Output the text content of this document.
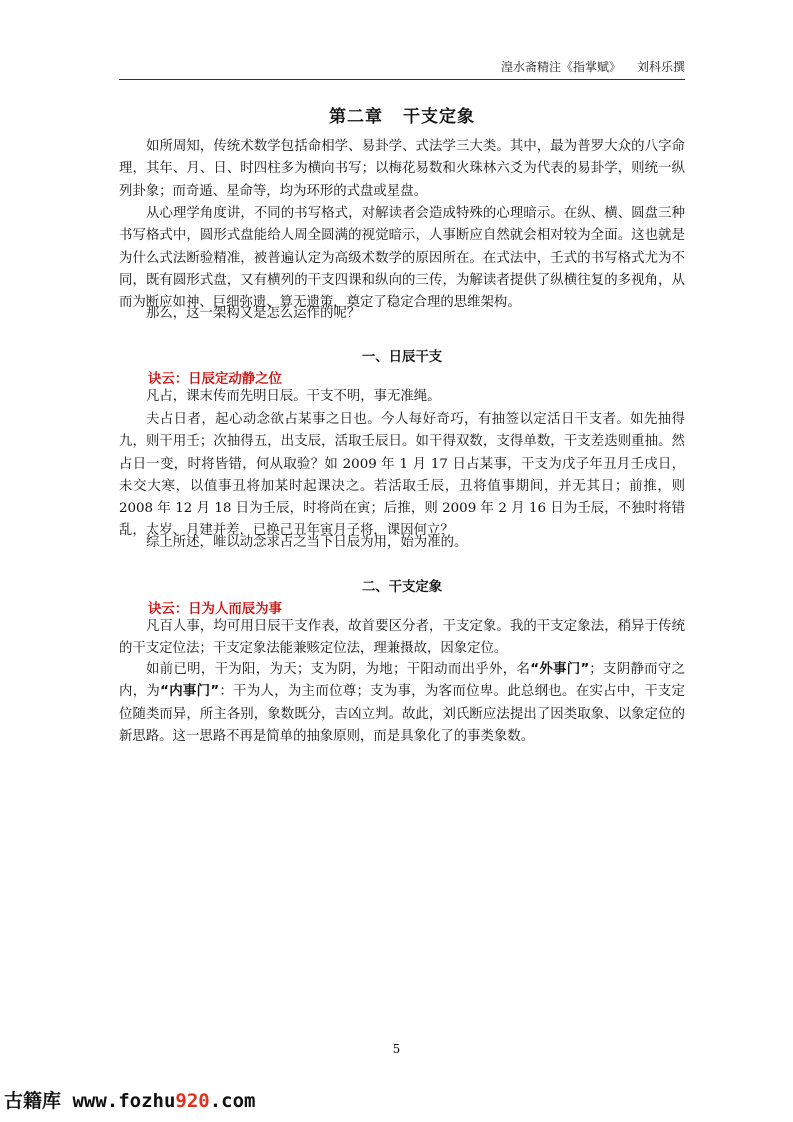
湟水斋精注《指掌赋》 刘科乐撰
第二章 干支定象

如所周知，传统术数学包括命相学、易卦学、式法学三大类。其中，最为普罗大众的八字命理，其年、月、日、时四柱多为横向书写；以梅花易数和火珠林六爻为代表的易卦学，则统一纵列卦象；而奇遁、星命等，均为环形的式盘或星盘。

从心理学角度讲，不同的书写格式，对解读者会造成特殊的心理暗示。在纵、横、圆盘三种书写格式中，圆形式盘能给人周全圆满的视觉暗示，人事断应自然就会相对较为全面。这也就是为什么式法断验精准，被普遍认定为高级术数学的原因所在。在式法中，壬式的书写格式尤为不同，既有圆形式盘，又有横列的干支四课和纵向的三传，为解读者提供了纵横往复的多视角，从而为断应如神、巨细弥遗、算无遗策，奠定了稳定合理的思维架构。

那么，这一架构又是怎么运作的呢？

一、日辰干支
诀云：日辰定动静之位

凡占，课末传而先明日辰。干支不明，事无准绳。

夫占日者，起心动念欲占某事之日也。今人每好奇巧，有抽签以定活日干支者。如先抽得九，则干用壬；次抽得五，出支辰，活取壬辰日。如干得双数，支得单数，干支差迭则重抽。然占日一变，时将皆错，何从取验？如 2009 年 1 月 17 日占某事，干支为戊子年丑月壬戌日，未交大寒，以值事丑将加某时起课决之。若活取壬辰，丑将值事期间，并无其日；前推，则 2008 年 12 月 18 日为壬辰，时将尚在寅；后推，则 2009 年 2 月 16 日为壬辰，不独时将错乱，太岁、月建并差，已换己丑年寅月子将，课因何立？

综上所述，唯以动念求占之当下日辰为用，始为准的。

二、干支定象
诀云：日为人而辰为事

凡百人事，均可用日辰干支作表，故首要区分者，干支定象。我的干支定象法，稍异于传统的干支定位法；干支定象法能兼赅定位法，理兼摄故，因象定位。

如前已明，干为阳，为天；支为阴，为地；干阳动而出乎外，名“外事门”；支阴静而守之内，为“内事门”：干为人，为主而位尊；支为事，为客而位卑。此总纲也。在实占中，干支定位随类而异，所主各别，象数既分，吉凶立判。故此，刘氏断应法提出了因类取象、以象定位的新思路。这一思路不再是简单的抽象原则，而是具象化了的事类象数。

5
古籍库 www.fozhu920.com
